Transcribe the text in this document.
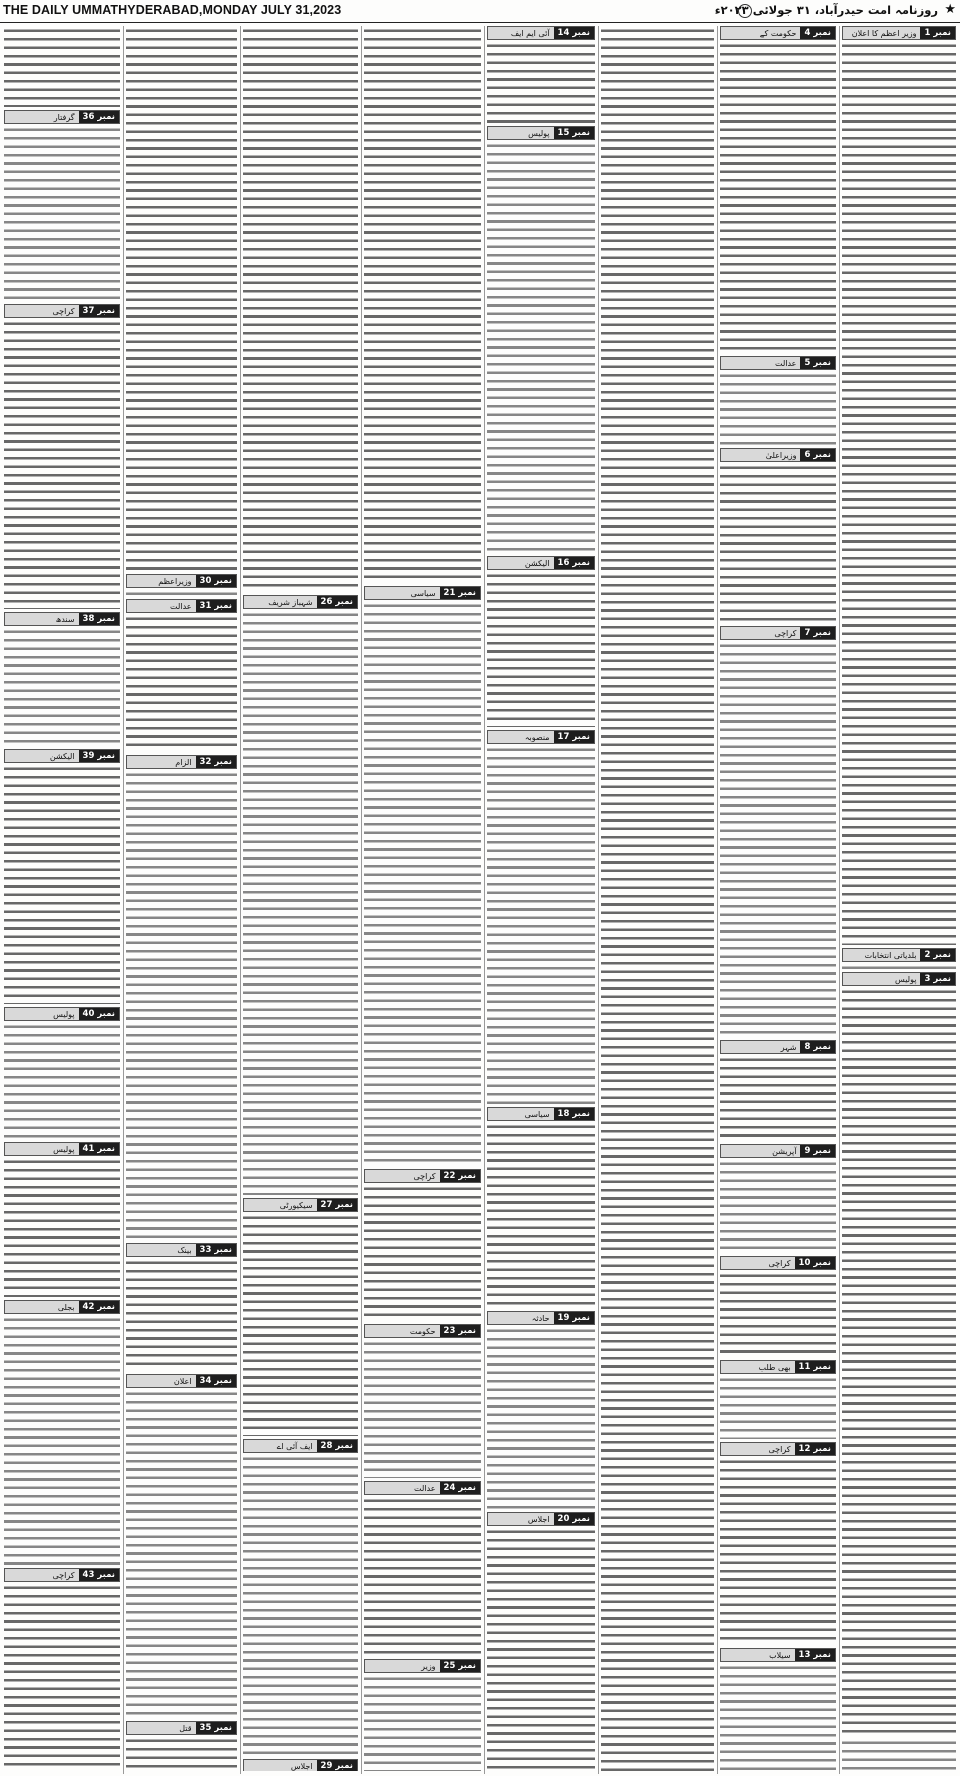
THE DAILY UMMATHYDERABAD,MONDAY JULY 31,2023	روزنامہ امت حیدرآباد، ۳۱ جولائی ۲۰۲۳ء ★
نمبر 1
وزیر اعظم کا اعلان
نمبر 2
بلدیاتی انتخابات
نمبر 3
پولیس
نمبر 4
حکومت کے
نمبر 5
عدالت
نمبر 6
وزیراعلیٰ
نمبر 7
کراچی
نمبر 8
شہر
نمبر 9
آپریشن
نمبر 10
کراچی
نمبر 11
بھی طلب
نمبر 12
کراچی
نمبر 13
سیلاب
نمبر 14
آئی ایم ایف
نمبر 15
پولیس
نمبر 16
الیکشن
نمبر 17
منصوبہ
نمبر 18
سیاسی
نمبر 19
حادثہ
نمبر 20
اجلاس
نمبر 21
سیاسی
نمبر 22
کراچی
نمبر 23
حکومت
نمبر 24
عدالت
نمبر 25
وزیر
نمبر 26
شہباز شریف
نمبر 27
سیکیورٹی
نمبر 28
ایف آئی اے
نمبر 29
اجلاس
نمبر 30
وزیراعظم
نمبر 31
عدالت
نمبر 32
الزام
نمبر 33
بینک
نمبر 34
اعلان
نمبر 35
قتل
نمبر 36
گرفتار
نمبر 37
کراچی
نمبر 38
سندھ
نمبر 39
الیکشن
نمبر 40
پولیس
نمبر 41
پولیس
نمبر 42
بجلی
نمبر 43
کراچی
